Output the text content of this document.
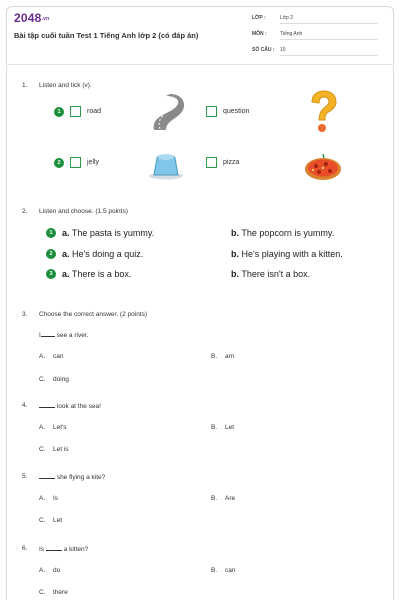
2048.vn
Bài tập cuối tuần Test 1 Tiếng Anh lớp 2 (có đáp án)
LỚP :	Lớp 2
MÔN :	Tiếng Anh
SỐ CÂU : 10
1. Listen and tick (v).
1	road	question
2	jelly	pizza
2. Listen and choose. (1.5 points)
1	a. The pasta is yummy.	b. The popcorn is yummy.
2	a. He's doing a quiz.	b. He's playing with a kitten.
3	a. There is a box.	b. There isn't a box.
3. Choose the correct answer. (2 points)
I see a river.
A. can	B. am
C. doing
4.	look at the sea!
A. Let's	B. Let
C. Let is
5.	she flying a kite?
A. Is	B. Are
C. Let
6. Is	a kitten?
A. do	B. can
C. there
